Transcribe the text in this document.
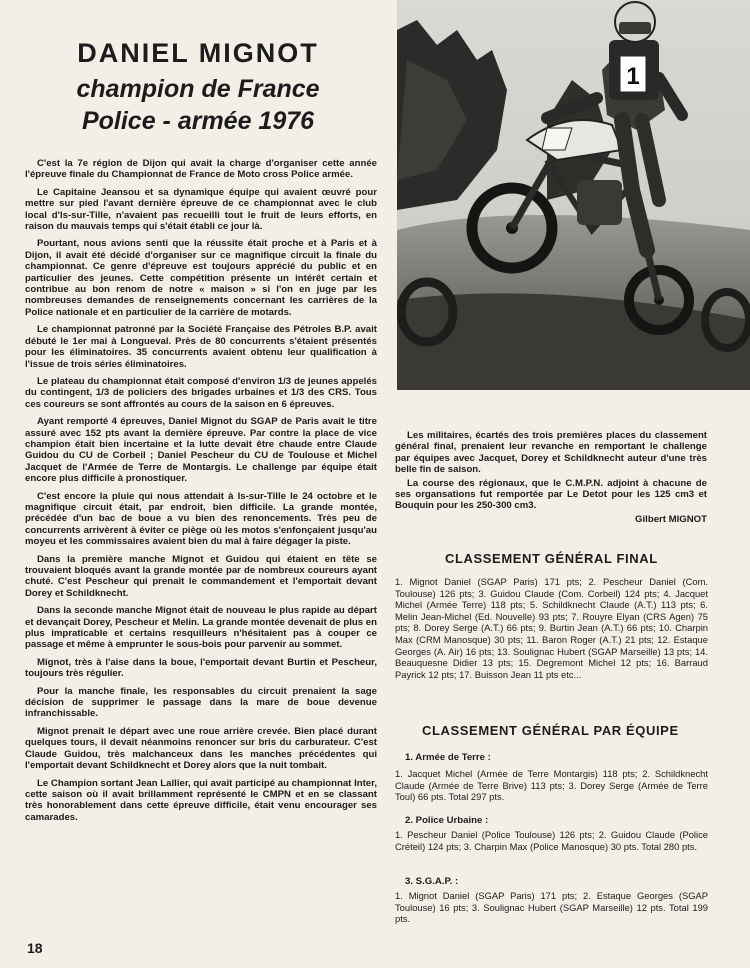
DANIEL MIGNOT

champion de France

Police - armée 1976

C'est la 7e région de Dijon qui avait la charge d'organiser cette année l'épreuve finale du Championnat de France de Moto cross Police armée.

Le Capitaine Jeansou et sa dynamique équipe qui avaient œuvré pour mettre sur pied l'avant dernière épreuve de ce championnat avec le club local d'Is-sur-Tille, n'avaient pas recueilli tout le fruit de leurs efforts, en raison du mauvais temps qui s'était établi ce jour là.

Pourtant, nous avions senti que la réussite était proche et à Paris et à Dijon, il avait été décidé d'organiser sur ce magnifique circuit la finale du championnat. Ce genre d'épreuve est toujours apprécié du public et en particulier des jeunes. Cette compétition présente un intérêt certain et contribue au bon renom de notre « maison » si l'on en juge par les nombreuses demandes de renseignements concernant les carrières de la Police nationale et en particulier de la carrière de motards.

Le championnat patronné par la Société Française des Pétroles B.P. avait débuté le 1er mai à Longueval. Près de 80 concurrents s'étaient présentés pour les éliminatoires. 35 concurrents avaient obtenu leur qualification à l'issue de trois séries éliminatoires.

Le plateau du championnat était composé d'environ 1/3 de jeunes appelés du contingent, 1/3 de policiers des brigades urbaines et 1/3 des CRS. Tous ces coureurs se sont affrontés au cours de la saison en 6 épreuves.

Ayant remporté 4 épreuves, Daniel Mignot du SGAP de Paris avait le titre assuré avec 152 pts avant la dernière épreuve. Par contre la place de vice champion était bien incertaine et la lutte devait être chaude entre Claude Guidou du CU de Corbeil ; Daniel Pescheur du CU de Toulouse et Michel Jacquet de l'Armée de Terre de Montargis. Le challenge par équipe était encore plus difficile à pronostiquer.

C'est encore la pluie qui nous attendait à Is-sur-Tille le 24 octobre et le magnifique circuit était, par endroit, bien difficile. La grande montée, précédée d'un bac de boue a vu bien des renoncements. Très peu de concurrents arrivèrent à éviter ce piège où les motos s'enfonçaient jusqu'au moyeu et les commissaires avaient bien du mal à faire dégager la piste.

Dans la première manche Mignot et Guidou qui étaient en tête se trouvaient bloqués avant la grande montée par de nombreux coureurs ayant chuté. C'est Pescheur qui prenait le commandement et l'emportait devant Dorey et Schildknecht.

Dans la seconde manche Mignot était de nouveau le plus rapide au départ et devançait Dorey, Pescheur et Melin. La grande montée devenait de plus en plus impraticable et certains resquilleurs n'hésitaient pas à couper ce passage et même à emprunter le sous-bois pour parvenir au sommet.

Mignot, très à l'aise dans la boue, l'emportait devant Burtin et Pescheur, toujours très régulier.

Pour la manche finale, les responsables du circuit prenaient la sage décision de supprimer le passage dans la mare de boue devenue infranchissable.

Mignot prenait le départ avec une roue arrière crevée. Bien placé durant quelques tours, il devait néanmoins renoncer sur bris du carburateur. C'est Claude Guidou, très malchanceux dans les manches précédentes qui l'emportait devant Schildknecht et Dorey alors que la nuit tombait.

Le Champion sortant Jean Lallier, qui avait participé au championnat Inter, cette saison où il avait brillamment représenté le CMPN et en se classant très honorablement dans cette épreuve difficile, était venu encourager ses camarades.

1

Les militaires, écartés des trois premières places du classement général final, prenaient leur revanche en remportant le challenge par équipes avec Jacquet, Dorey et Schildknecht auteur d'une très belle fin de saison.

La course des régionaux, que le C.M.P.N. adjoint à chacune de ses organsations fut remportée par Le Detot pour les 125 cm3 et Bouquin pour les 250-300 cm3.

Gilbert MIGNOT
CLASSEMENT GÉNÉRAL FINAL
1. Mignot Daniel (SGAP Paris) 171 pts; 2. Pescheur Daniel (Com. Toulouse) 126 pts; 3. Guidou Claude (Com. Corbeil) 124 pts; 4. Jacquet Michel (Armée Terre) 118 pts; 5. Schildknecht Claude (A.T.) 113 pts; 6. Melin Jean-Michel (Ed. Nouvelle) 93 pts; 7. Rouyre Elyan (CRS Agen) 75 pts; 8. Dorey Serge (A.T.) 66 pts; 9. Burtin Jean (A.T.) 66 pts; 10. Charpin Max (CRM Manosque) 30 pts; 11. Baron Roger (A.T.) 21 pts; 12. Estaque Georges (A. Air) 16 pts; 13. Soulignac Hubert (SGAP Marseille) 13 pts; 14. Beauquesne Didier 13 pts; 15. Degremont Michel 12 pts; 16. Barraud Payrick 12 pts; 17. Buisson Jean 11 pts etc...
CLASSEMENT GÉNÉRAL PAR ÉQUIPE
1. Armée de Terre :
1. Jacquet Michel (Armée de Terre Montargis) 118 pts; 2. Schildknecht Claude (Armée de Terre Brive) 113 pts; 3. Dorey Serge (Armée de Terre Toul) 66 pts. Total 297 pts.
2. Police Urbaine :
1. Pescheur Daniel (Police Toulouse) 126 pts; 2. Guidou Claude (Police Créteil) 124 pts; 3. Charpin Max (Police Manosque) 30 pts. Total 280 pts.
3. S.G.A.P. :
1. Mignot Daniel (SGAP Paris) 171 pts; 2. Estaque Georges (SGAP Toulouse) 16 pts; 3. Soulignac Hubert (SGAP Marseille) 12 pts. Total 199 pts.
18
